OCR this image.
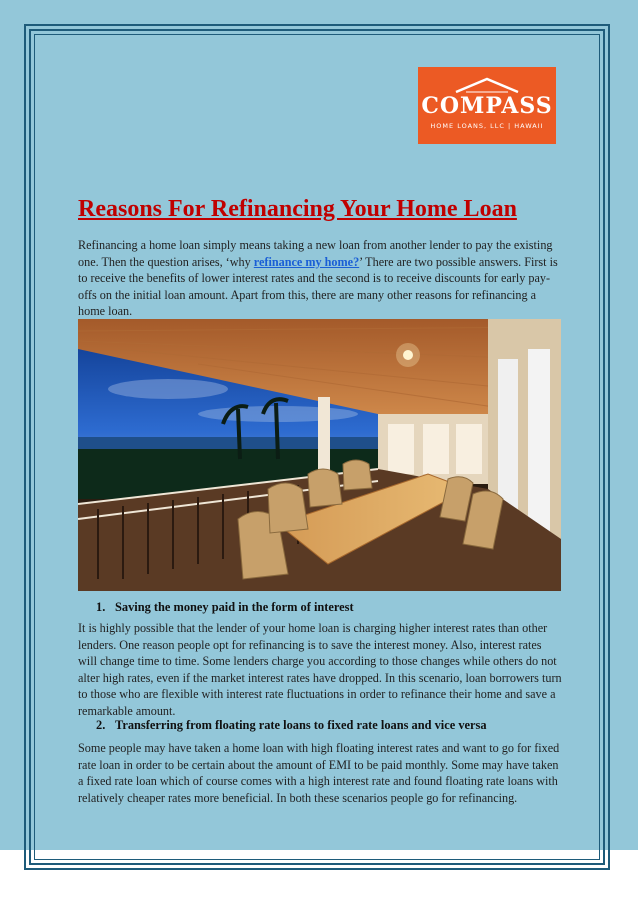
COMPASS
HOME LOANS, LLC | HAWAII
Reasons For Refinancing Your Home Loan

Refinancing a home loan simply means taking a new loan from another lender to pay the existing one. Then the question arises, ‘why refinance my home?’ There are two possible answers. First is to receive the benefits of lower interest rates and the second is to receive discounts for early pay-offs on the initial loan amount. Apart from this, there are many other reasons for refinancing a home loan.

1. Saving the money paid in the form of interest

It is highly possible that the lender of your home loan is charging higher interest rates than other lenders. One reason people opt for refinancing is to save the interest money. Also, interest rates will change time to time. Some lenders charge you according to those changes while others do not alter high rates, even if the market interest rates have dropped. In this scenario, loan borrowers turn to those who are flexible with interest rate fluctuations in order to refinance their home and save a remarkable amount.

2. Transferring from floating rate loans to fixed rate loans and vice versa

Some people may have taken a home loan with high floating interest rates and want to go for fixed rate loan in order to be certain about the amount of EMI to be paid monthly. Some may have taken a fixed rate loan which of course comes with a high interest rate and found floating rate loans with relatively cheaper rates more beneficial. In both these scenarios people go for refinancing.
